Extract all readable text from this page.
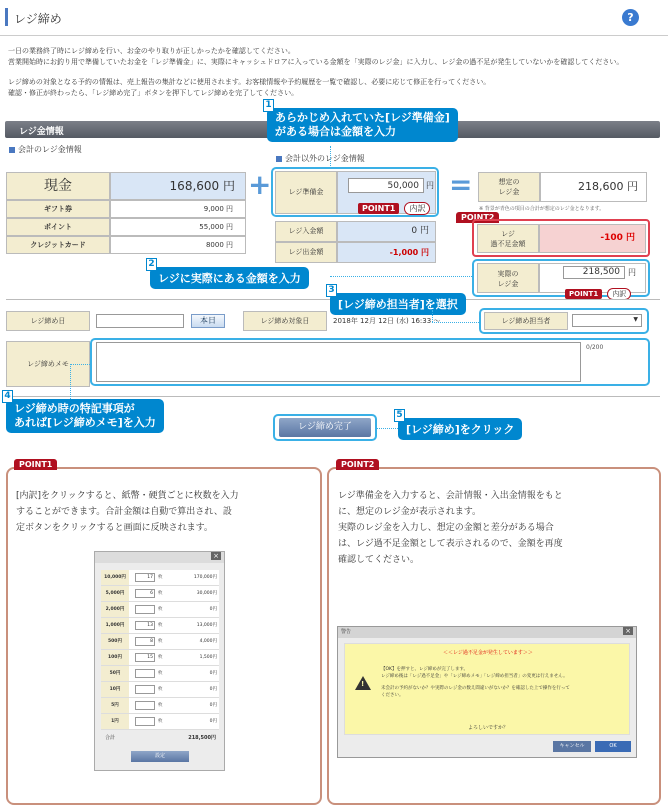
レジ締め	?
一日の業務終了時にレジ締めを行い、お金のやり取りが正しかったかを確認してください。
営業開始時にお釣り用で準備していたお金を「レジ準備金」に、実際にキャッシュドロアに入っている金額を「実際のレジ金」に入力し、レジ金の過不足が発生していないかを確認してください。
レジ締めの対象となる予約の情報は、売上報告の集計などに使用されます。お客様情報や予約履歴を一覧で確認し、必要に応じて修正を行ってください。
確認・修正が終わったら、「レジ締め完了」ボタンを押下してレジ締めを完了してください。
レジ金情報
会計のレジ金情報
会計以外のレジ金情報
現金	168,600 円
ギフト券	9,000 円
ポイント	55,000 円
クレジットカード	8000 円
+	レジ準備金
50,000 円
POINT1 内訳
レジ入金額	0 円
レジ出金額	-1,000 円
=	想定の
レジ金	218,600 円
※ 背景が青色の項目の合計が想定のレジ金となります。
POINT2
レジ
過不足金額
-100 円
実際の
レジ金
218,500	円
POINT1 内訳
レジ締め日	本日	レジ締め対象日	2018年 12月 12日 (水) 16:33 〜	レジ締め担当者	▼
レジ締めメモ
0/200
レジ締め完了
1
あらかじめ入れていた[レジ準備金]
がある場合は金額を入力
2
レジに実際にある金額を入力
3
[レジ締め担当者]を選択
4
レジ締め時の特記事項が
あれば[レジ締めメモ]を入力
5
[レジ締め]をクリック
POINT1
[内訳]をクリックすると、紙幣・硬貨ごとに枚数を入力
することができます。合計金額は自動で算出され、設
定ボタンをクリックすると画面に反映されます。
×
10,000円	17	枚	170,000円
5,000円	6	枚	30,000円
2,000円	枚	0円
1,000円	13	枚	13,000円
500円	8	枚	4,000円
100円	15	枚	1,500円
50円	枚	0円
10円	枚	0円
5円	枚	0円
1円	枚	0円
合計	218,500円
設定
POINT2
レジ準備金を入力すると、会計情報・入出金情報をもと
に、想定のレジ金が表示されます。
実際のレジ金を入力し、想定の金額と差分がある場合
は、レジ過不足金額として表示されるので、金額を再度
確認してください。
警告	×
＜＜レジ過不足金が発生しています＞＞
!
【OK】を押すと、レジ締めが完了します。
レジ締め後は「レジ過不足金」や「レジ締めメモ」「レジ締め担当者」の変更は行えません。
未会計の予約がないか？や実際のレジ金の数え間違いがないか？を確認した上で操作を行って
ください。
よろしいですか？
キャンセル	OK
